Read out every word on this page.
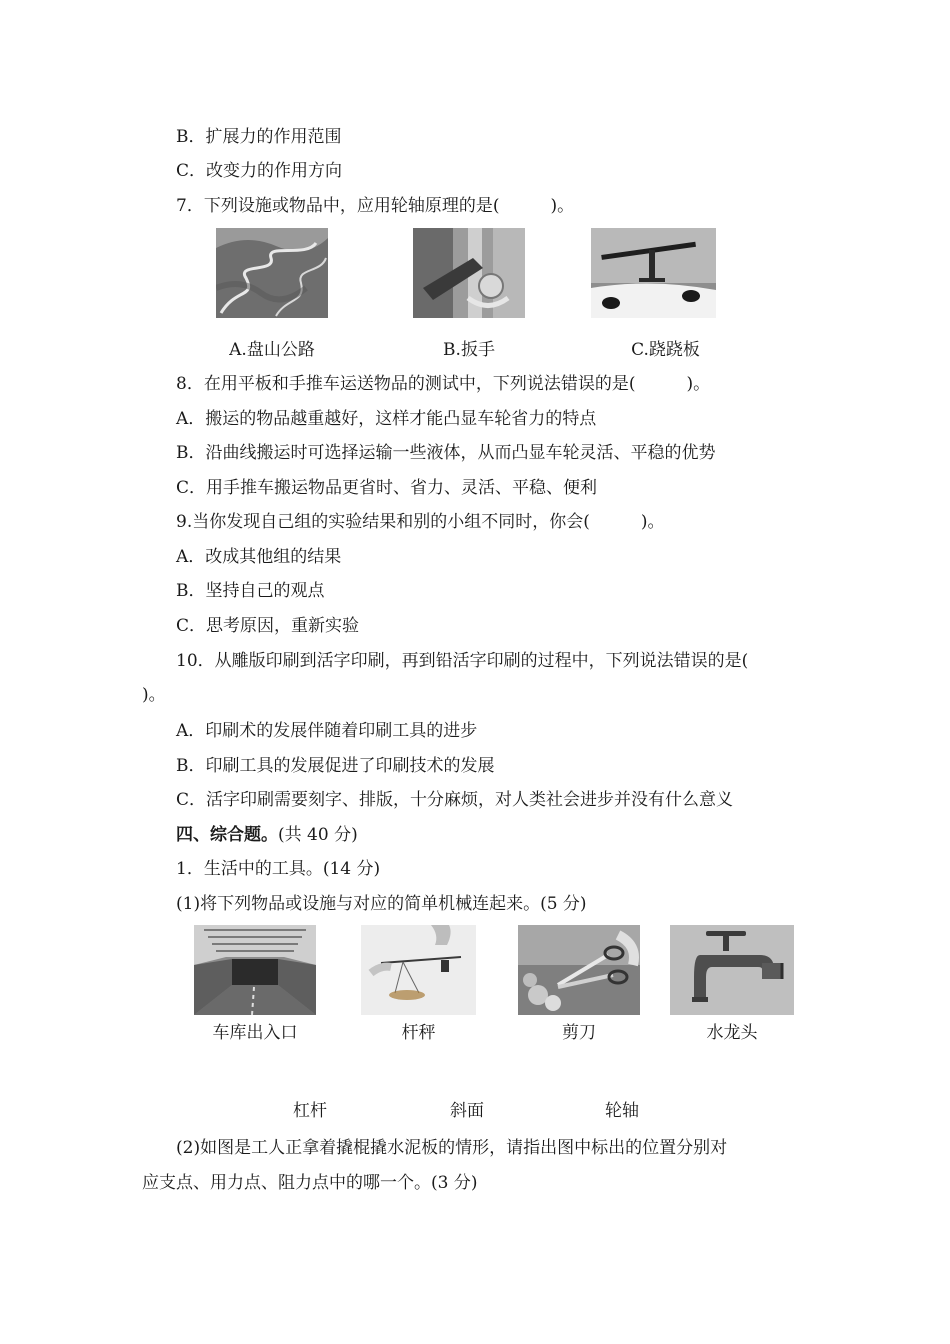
B．扩展力的作用范围
C．改变力的作用方向
7．下列设施或物品中，应用轮轴原理的是(　　　)。
A.盘山公路	B.扳手	C.跷跷板
8．在用平板和手推车运送物品的测试中，下列说法错误的是(　　　)。
A．搬运的物品越重越好，这样才能凸显车轮省力的特点
B．沿曲线搬运时可选择运输一些液体，从而凸显车轮灵活、平稳的优势
C．用手推车搬运物品更省时、省力、灵活、平稳、便利
9.当你发现自己组的实验结果和别的小组不同时，你会(　　　)。
A．改成其他组的结果
B．坚持自己的观点
C．思考原因，重新实验
10．从雕版印刷到活字印刷，再到铅活字印刷的过程中，下列说法错误的是(
)。
A．印刷术的发展伴随着印刷工具的进步
B．印刷工具的发展促进了印刷技术的发展
C．活字印刷需要刻字、排版，十分麻烦，对人类社会进步并没有什么意义
四、综合题。(共 40 分)
1．生活中的工具。(14 分)
(1)将下列物品或设施与对应的简单机械连起来。(5 分)
车库出入口	杆秤	剪刀	水龙头
杠杆	斜面	轮轴
(2)如图是工人正拿着撬棍撬水泥板的情形，请指出图中标出的位置分别对
应支点、用力点、阻力点中的哪一个。(3 分)
